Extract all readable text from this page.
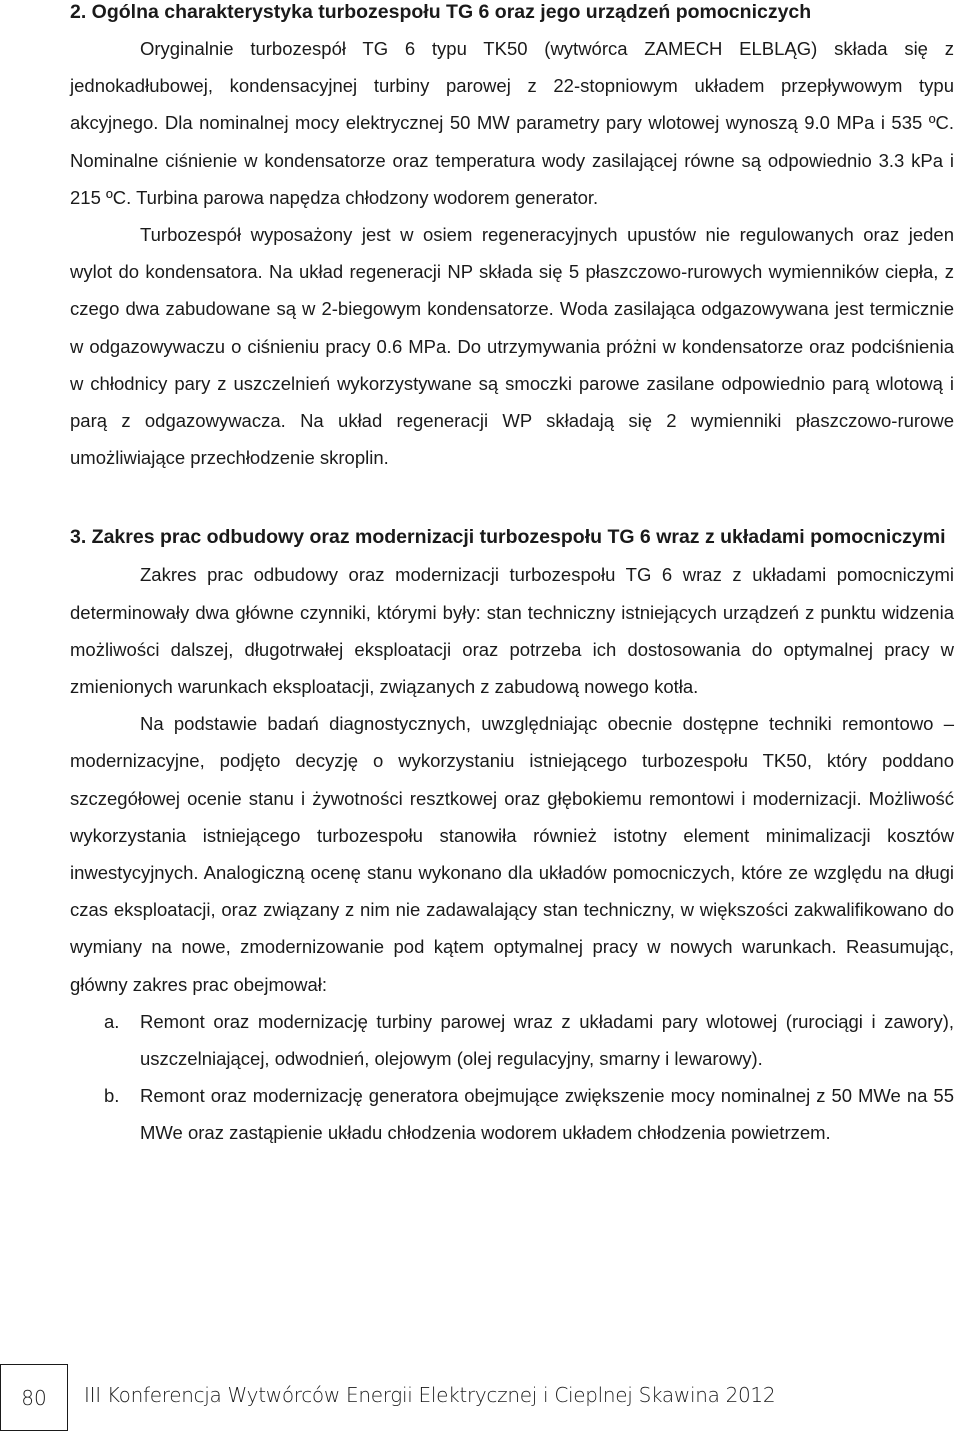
2. Ogólna charakterystyka turbozespołu TG 6 oraz jego urządzeń pomocniczych

Oryginalnie turbozespół TG 6 typu TK50 (wytwórca ZAMECH ELBLĄG) składa się z jednokadłubowej, kondensacyjnej turbiny parowej z 22-stopniowym układem przepływowym typu akcyjnego. Dla nominalnej mocy elektrycznej 50 MW parametry pary wlotowej wynoszą 9.0 MPa i 535 ºC. Nominalne ciśnienie w kondensatorze oraz temperatura wody zasilającej równe są odpowiednio 3.3 kPa i 215 ºC. Turbina parowa napędza chłodzony wodorem generator.

Turbozespół wyposażony jest w osiem regeneracyjnych upustów nie regulowanych oraz jeden wylot do kondensatora. Na układ regeneracji NP składa się 5 płaszczowo-rurowych wymienników ciepła, z czego dwa zabudowane są w 2-biegowym kondensatorze. Woda zasilająca odgazowywana jest termicznie w odgazowywaczu o ciśnieniu pracy 0.6 MPa. Do utrzymywania próżni w kondensatorze oraz podciśnienia w chłodnicy pary z uszczelnień wykorzystywane są smoczki parowe zasilane odpowiednio parą wlotową i parą z odgazowywacza. Na układ regeneracji WP składają się 2 wymienniki płaszczowo-rurowe umożliwiające przechłodzenie skroplin.

3. Zakres prac odbudowy oraz modernizacji turbozespołu TG 6 wraz z układami pomocniczymi

Zakres prac odbudowy oraz modernizacji turbozespołu TG 6 wraz z układami pomocniczymi determinowały dwa główne czynniki, którymi były: stan techniczny istniejących urządzeń z punktu widzenia możliwości dalszej, długotrwałej eksploatacji oraz potrzeba ich dostosowania do optymalnej pracy w zmienionych warunkach eksploatacji, związanych z zabudową nowego kotła.

Na podstawie badań diagnostycznych, uwzględniając obecnie dostępne techniki remontowo – modernizacyjne, podjęto decyzję o wykorzystaniu istniejącego turbozespołu TK50, który poddano szczegółowej ocenie stanu i żywotności resztkowej oraz głębokiemu remontowi i modernizacji. Możliwość wykorzystania istniejącego turbozespołu stanowiła również istotny element minimalizacji kosztów inwestycyjnych. Analogiczną ocenę stanu wykonano dla układów pomocniczych, które ze względu na długi czas eksploatacji, oraz związany z nim nie zadawalający stan techniczny, w większości zakwalifikowano do wymiany na nowe, zmodernizowanie pod kątem optymalnej pracy w nowych warunkach. Reasumując, główny zakres prac obejmował:

a.	Remont oraz modernizację turbiny parowej wraz z układami pary wlotowej (rurociągi i zawory), uszczelniającej, odwodnień, olejowym (olej regulacyjny, smarny i lewarowy).
b.	Remont oraz modernizację generatora obejmujące zwiększenie mocy nominalnej z 50 MWe na 55 MWe oraz zastąpienie układu chłodzenia wodorem układem chłodzenia powietrzem.
80	III Konferencja Wytwórców Energii Elektrycznej i Cieplnej Skawina 2012
